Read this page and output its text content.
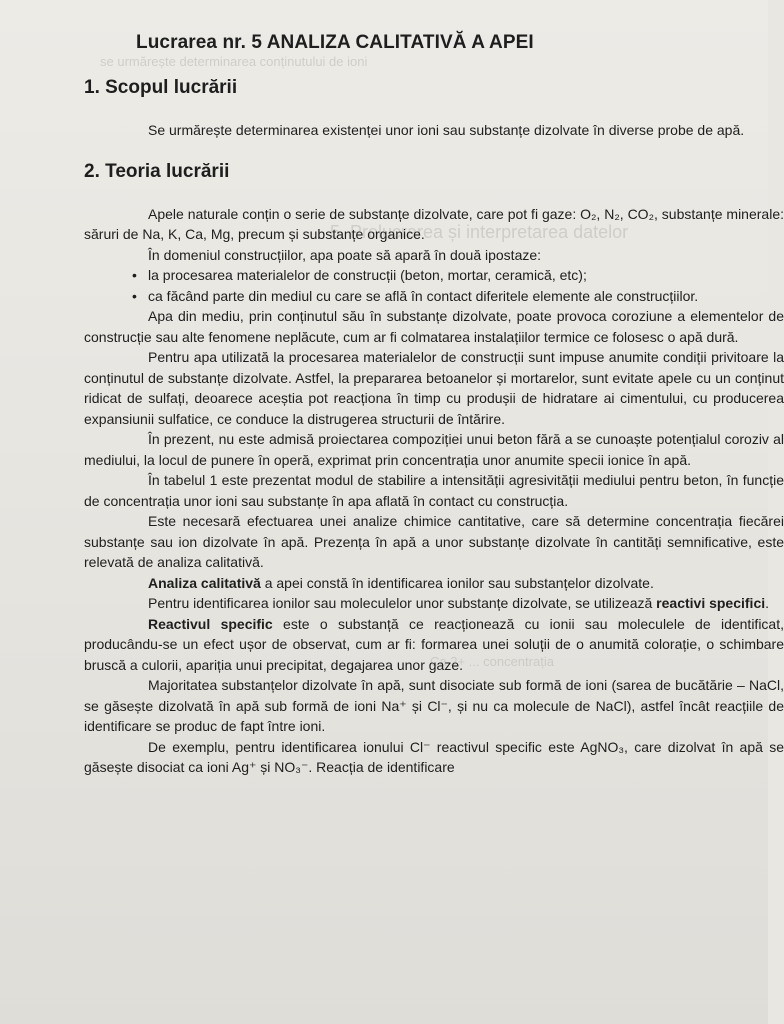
se urmărește determinarea conținutului de ioni
5. Prelucrarea și interpretarea datelor
Ca 2+ ... concentrația
Lucrarea nr. 5 ANALIZA CALITATIVĂ A APEI
1. Scopul lucrării

Se urmărește determinarea existenței unor ioni sau substanțe dizolvate în diverse probe de apă.

2. Teoria lucrării

Apele naturale conțin o serie de substanțe dizolvate, care pot fi gaze: O₂, N₂, CO₂, substanțe minerale: săruri de Na, K, Ca, Mg, precum și substanțe organice.

În domeniul construcțiilor, apa poate să apară în două ipostaze:

• la procesarea materialelor de construcții (beton, mortar, ceramică, etc);
• ca făcând parte din mediul cu care se află în contact diferitele elemente ale construcțiilor.

Apa din mediu, prin conținutul său în substanțe dizolvate, poate provoca coroziune a elementelor de construcție sau alte fenomene neplăcute, cum ar fi colmatarea instalațiilor termice ce folosesc o apă dură.

Pentru apa utilizată la procesarea materialelor de construcții sunt impuse anumite condiții privitoare la conținutul de substanțe dizolvate. Astfel, la prepararea betoanelor și mortarelor, sunt evitate apele cu un conținut ridicat de sulfați, deoarece aceștia pot reacționa în timp cu produșii de hidratare ai cimentului, cu producerea expansiunii sulfatice, ce conduce la distrugerea structurii de întărire.

În prezent, nu este admisă proiectarea compoziției unui beton fără a se cunoaște potențialul coroziv al mediului, la locul de punere în operă, exprimat prin concentrația unor anumite specii ionice în apă.

În tabelul 1 este prezentat modul de stabilire a intensității agresivității mediului pentru beton, în funcție de concentrația unor ioni sau substanțe în apa aflată în contact cu construcția.

Este necesară efectuarea unei analize chimice cantitative, care să determine concentrația fiecărei substanțe sau ion dizolvate în apă. Prezența în apă a unor substanțe dizolvate în cantități semnificative, este relevată de analiza calitativă.

Analiza calitativă a apei constă în identificarea ionilor sau substanțelor dizolvate.

Pentru identificarea ionilor sau moleculelor unor substanțe dizolvate, se utilizează reactivi specifici.

Reactivul specific este o substanță ce reacționează cu ionii sau moleculele de identificat, producându-se un efect ușor de observat, cum ar fi: formarea unei soluții de o anumită colorație, o schimbare bruscă a culorii, apariția unui precipitat, degajarea unor gaze.

Majoritatea substanțelor dizolvate în apă, sunt disociate sub formă de ioni (sarea de bucătărie – NaCl, se găsește dizolvată în apă sub formă de ioni Na⁺ și Cl⁻, și nu ca molecule de NaCl), astfel încât reacțiile de identificare se produc de fapt între ioni.

De exemplu, pentru identificarea ionului Cl⁻ reactivul specific este AgNO₃, care dizolvat în apă se găsește disociat ca ioni Ag⁺ și NO₃⁻. Reacția de identificare
